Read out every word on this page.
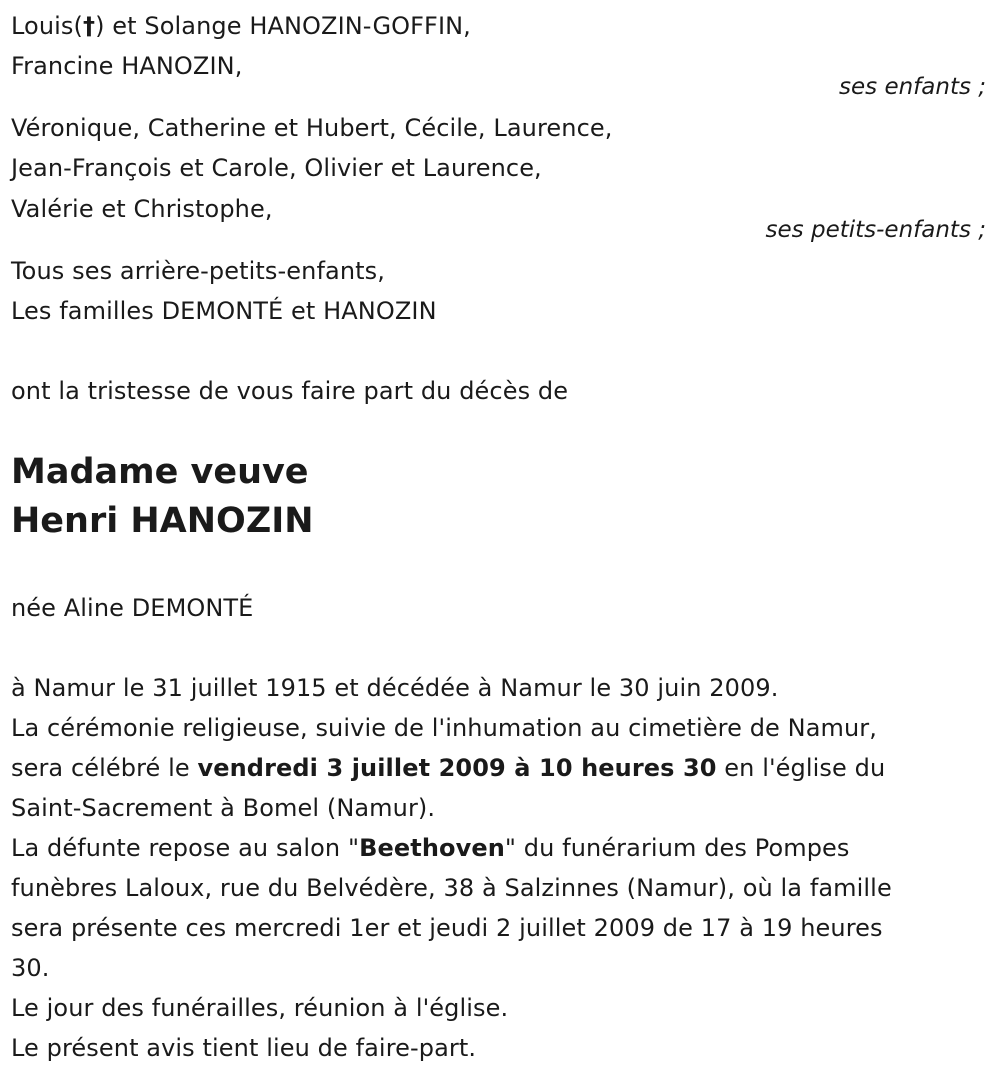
Louis(†) et Solange HANOZIN-GOFFIN,
Francine HANOZIN,
ses enfants ;
Véronique, Catherine et Hubert, Cécile, Laurence,
Jean-François et Carole, Olivier et Laurence,
Valérie et Christophe,
ses petits-enfants ;
Tous ses arrière-petits-enfants,
Les familles DEMONTÉ et HANOZIN
ont la tristesse de vous faire part du décès de
Madame veuve
Henri HANOZIN
née Aline DEMONTÉ
à Namur le 31 juillet 1915 et décédée à Namur le 30 juin 2009.
La cérémonie religieuse, suivie de l'inhumation au cimetière de Namur,
sera célébré le vendredi 3 juillet 2009 à 10 heures 30 en l'église du
Saint-Sacrement à Bomel (Namur).
La défunte repose au salon "Beethoven" du funérarium des Pompes
funèbres Laloux, rue du Belvédère, 38 à Salzinnes (Namur), où la famille
sera présente ces mercredi 1er et jeudi 2 juillet 2009 de 17 à 19 heures
30.
Le jour des funérailles, réunion à l'église.
Le présent avis tient lieu de faire-part.
